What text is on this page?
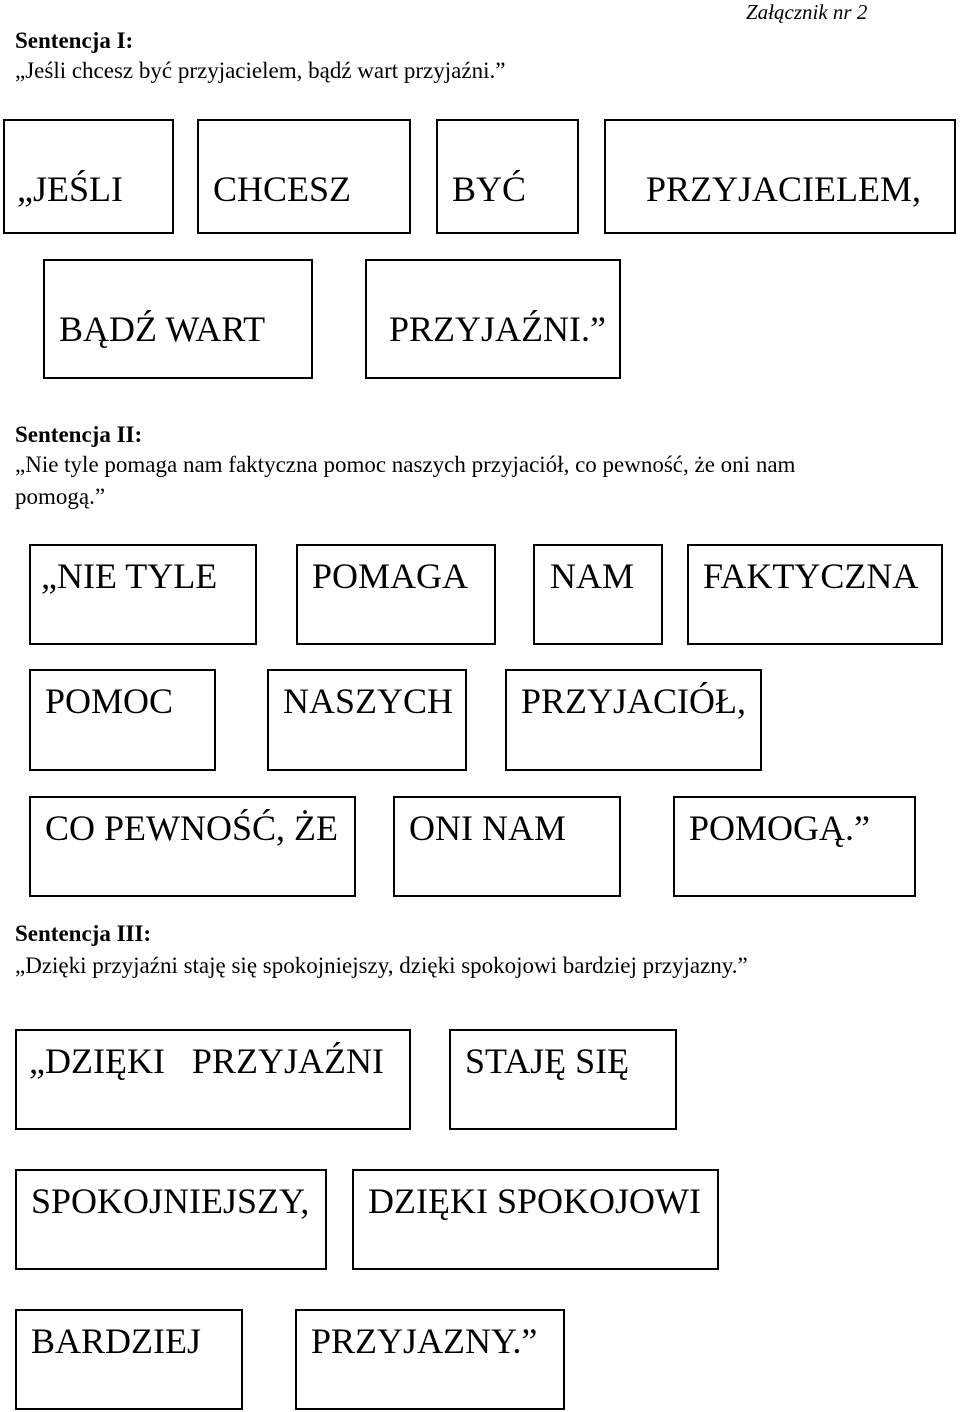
Załącznik nr 2
Sentencja I:
„Jeśli chcesz być przyjacielem, bądź wart przyjaźni.”
„JEŚLI	CHCESZ	BYĆ	PRZYJACIELEM,
BĄDŹ WART	PRZYJAŹNI.”
Sentencja II:
„Nie tyle pomaga nam faktyczna pomoc naszych przyjaciół, co pewność, że oni nam pomogą.”
„NIE TYLE	POMAGA NAM FAKTYCZNA
POMOC	NASZYCH PRZYJACIÓŁ,
CO PEWNOŚĆ, ŻE ONI NAM	POMOGĄ.”
Sentencja III:
„Dzięki przyjaźni staję się spokojniejszy, dzięki spokojowi bardziej przyjazny.”
„DZIĘKI   PRZYJAŹNI STAJĘ SIĘ
SPOKOJNIEJSZY, DZIĘKI SPOKOJOWI
BARDZIEJ	PRZYJAZNY.”
